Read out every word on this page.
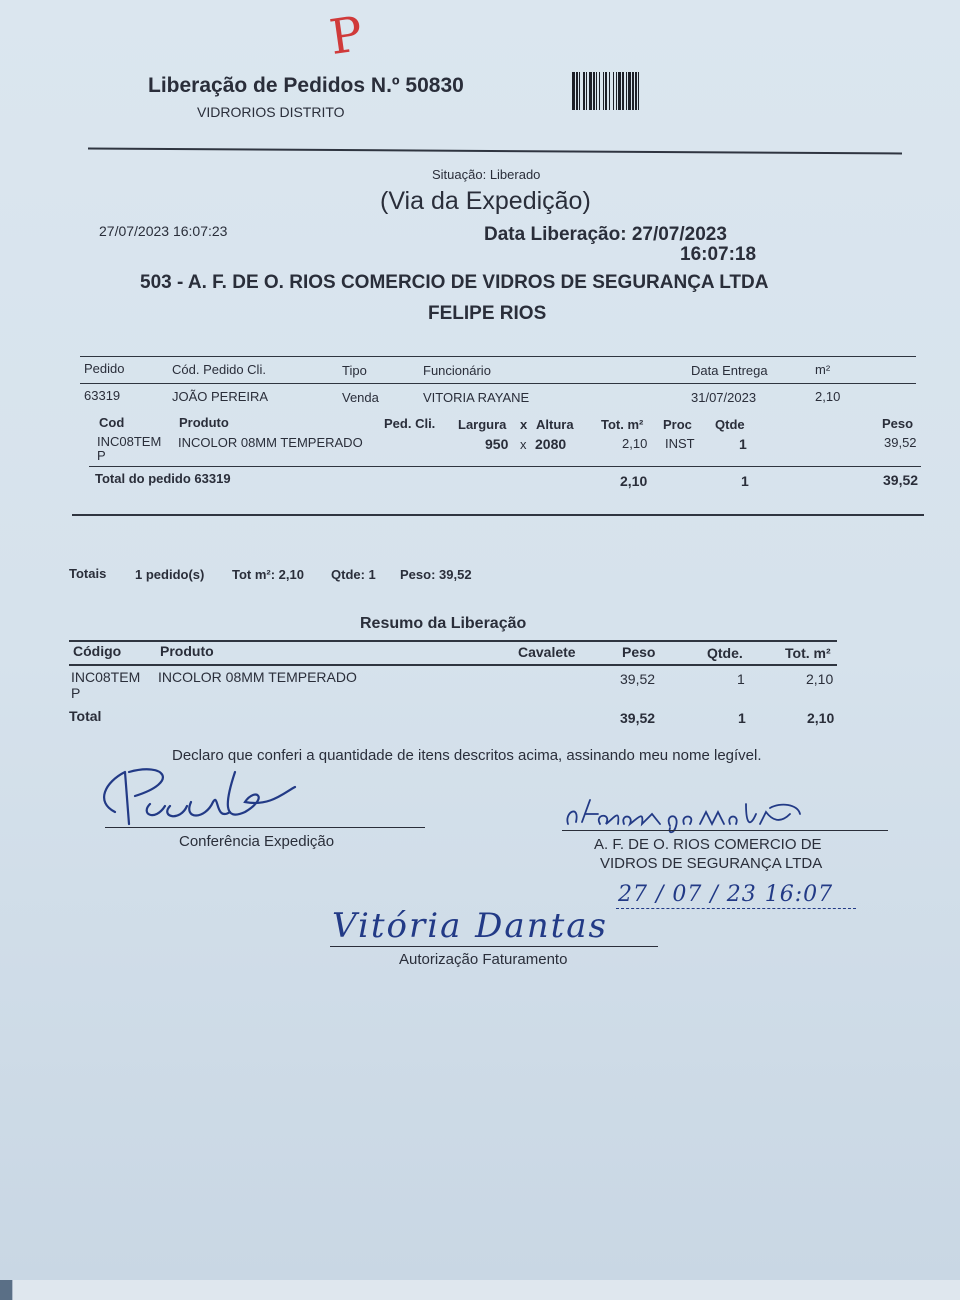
P
Liberação de Pedidos N.º 50830
VIDRORIOS DISTRITO
Situação: Liberado
(Via da Expedição)
27/07/2023 16:07:23	Data Liberação: 27/07/2023
16:07:18
503 - A. F. DE O. RIOS COMERCIO DE VIDROS DE SEGURANÇA LTDA
FELIPE RIOS
Pedido	Cód. Pedido Cli.	Tipo	Funcionário	Data Entrega	m²
63319	JOÃO PEREIRA	Venda	VITORIA RAYANE	31/07/2023	2,10
Cod	Produto	Ped. Cli. Largura x Altura Tot. m² Proc Qtde	Peso
INC08TEM
P
INCOLOR 08MM TEMPERADO	950 x 2080	2,10 INST	1	39,52
Total do pedido 63319	2,10	1	39,52
Totais 1 pedido(s) Tot m²: 2,10 Qtde: 1 Peso: 39,52
Resumo da Liberação
Código	Produto	Cavalete	Peso	Qtde.	Tot. m²
INC08TEM
P
INCOLOR 08MM TEMPERADO	39,52	1	2,10
Total	39,52	1	2,10
Declaro que conferi a quantidade de itens descritos acima, assinando meu nome legível.
Conferência Expedição	A. F. DE O. RIOS COMERCIO DE
VIDROS DE SEGURANÇA LTDA
27 / 07 / 23 16:07
Vitória Dantas
Autorização Faturamento
